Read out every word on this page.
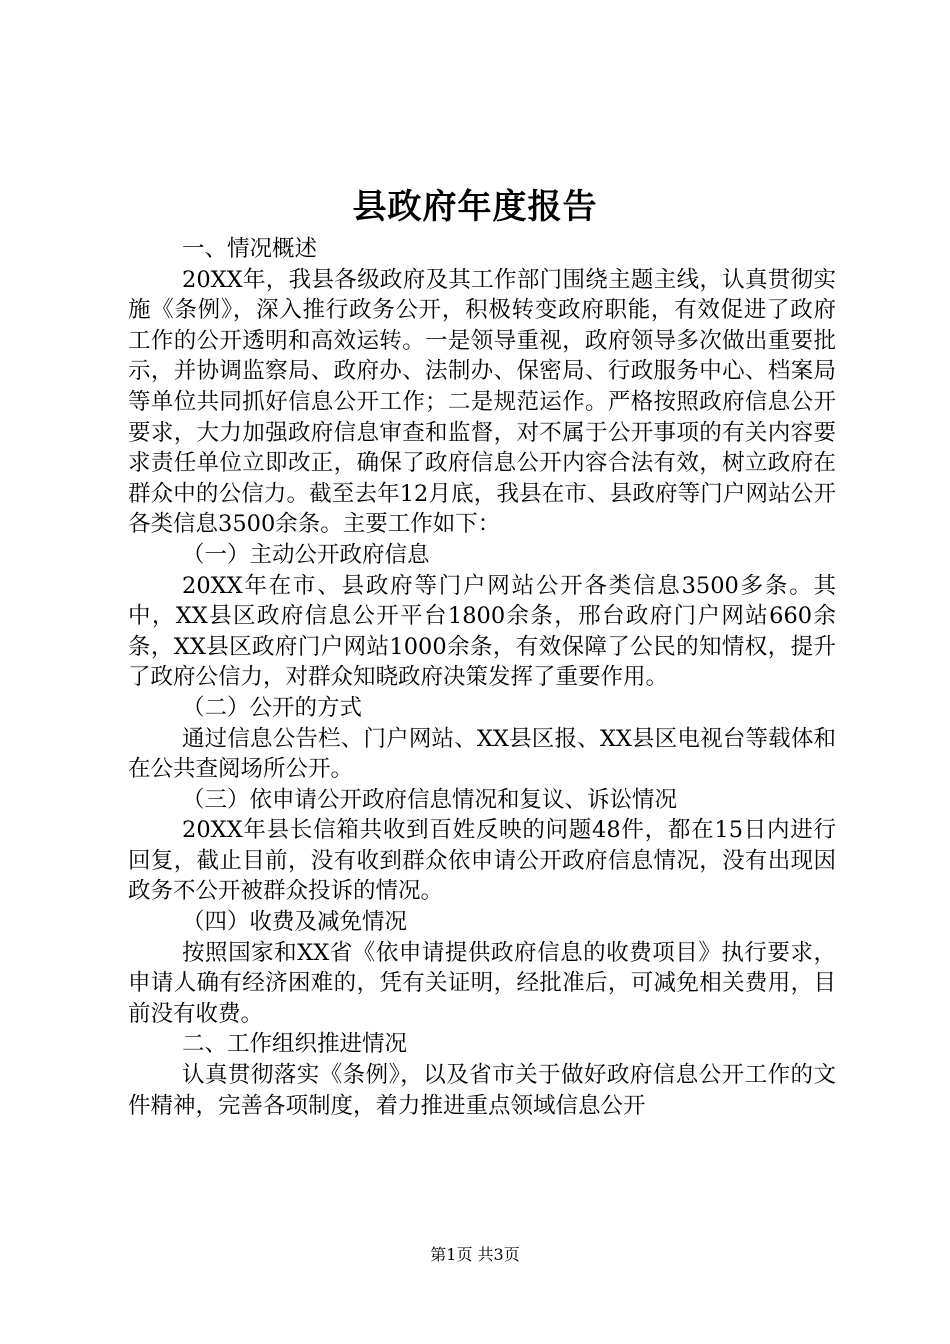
县政府年度报告

一、情况概述

20XX年，我县各级政府及其工作部门围绕主题主线，认真贯彻实施《条例》，深入推行政务公开，积极转变政府职能，有效促进了政府工作的公开透明和高效运转。一是领导重视，政府领导多次做出重要批示，并协调监察局、政府办、法制办、保密局、行政服务中心、档案局等单位共同抓好信息公开工作；二是规范运作。严格按照政府信息公开要求，大力加强政府信息审查和监督，对不属于公开事项的有关内容要求责任单位立即改正，确保了政府信息公开内容合法有效，树立政府在群众中的公信力。截至去年12月底，我县在市、县政府等门户网站公开各类信息3500余条。主要工作如下：

（一）主动公开政府信息

20XX年在市、县政府等门户网站公开各类信息3500多条。其中，XX县区政府信息公开平台1800余条，邢台政府门户网站660余条，XX县区政府门户网站1000余条，有效保障了公民的知情权，提升了政府公信力，对群众知晓政府决策发挥了重要作用。

（二）公开的方式

通过信息公告栏、门户网站、XX县区报、XX县区电视台等载体和在公共查阅场所公开。

（三）依申请公开政府信息情况和复议、诉讼情况

20XX年县长信箱共收到百姓反映的问题48件，都在15日内进行回复，截止目前，没有收到群众依申请公开政府信息情况，没有出现因政务不公开被群众投诉的情况。

（四）收费及减免情况

按照国家和XX省《依申请提供政府信息的收费项目》执行要求，申请人确有经济困难的，凭有关证明，经批准后，可减免相关费用，目前没有收费。

二、工作组织推进情况

认真贯彻落实《条例》，以及省市关于做好政府信息公开工作的文件精神，完善各项制度，着力推进重点领域信息公开

第1页 共3页
